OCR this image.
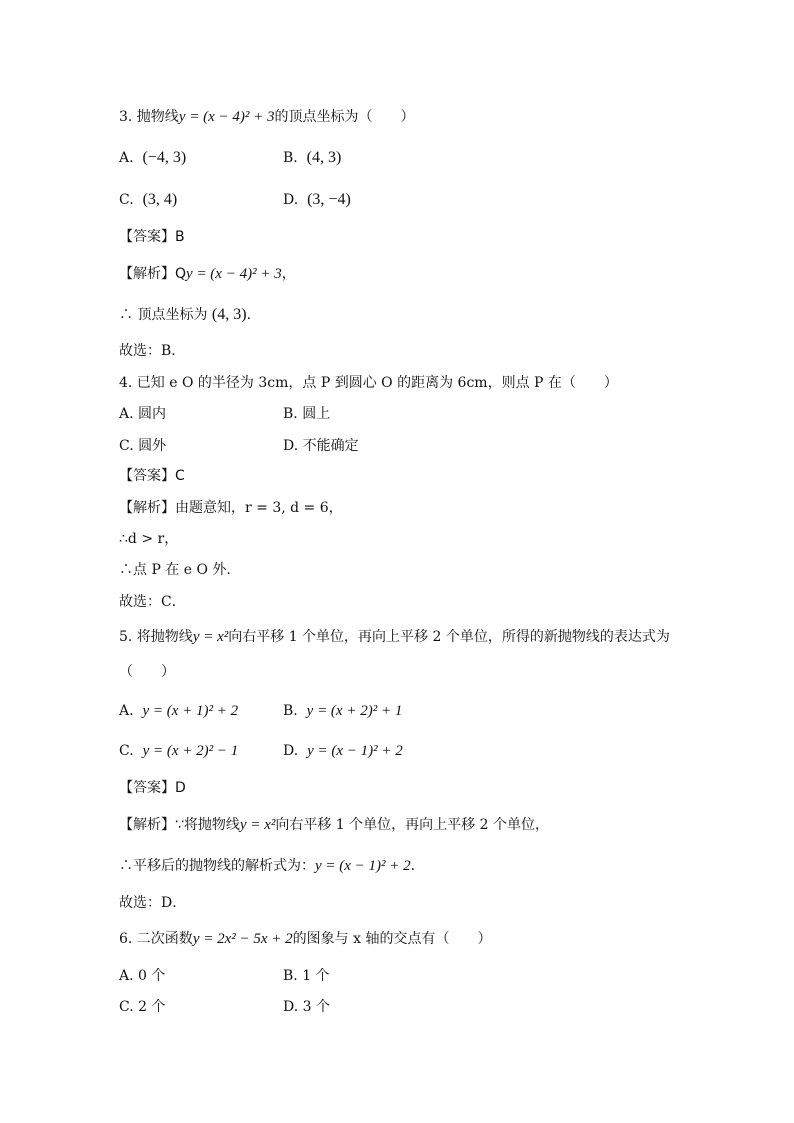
3. 抛物线y = (x − 4)² + 3的顶点坐标为（　　）
A. (−4, 3)	B. (4, 3)
C. (3, 4)	D. (3, −4)
【答案】B
【解析】Qy = (x − 4)² + 3，
∴ 顶点坐标为 (4, 3).
故选：B．
4. 已知 e O 的半径为 3cm，点 P 到圆心 O 的距离为 6cm，则点 P 在（　　）
A. 圆内	B. 圆上
C. 圆外	D. 不能确定
【答案】C
【解析】由题意知，r = 3, d = 6，
∴d > r，
∴点 P 在 e O 外.
故选：C．
5. 将抛物线y = x²向右平移 1 个单位，再向上平移 2 个单位，所得的新抛物线的表达式为
（　　）
A. y = (x + 1)² + 2	B. y = (x + 2)² + 1
C. y = (x + 2)² − 1	D. y = (x − 1)² + 2
【答案】D
【解析】∵将抛物线y = x²向右平移 1 个单位，再向上平移 2 个单位，
∴平移后的抛物线的解析式为：y = (x − 1)² + 2.
故选：D．
6. 二次函数y = 2x² − 5x + 2的图象与 x 轴的交点有（　　）
A. 0 个	B. 1 个
C. 2 个	D. 3 个
